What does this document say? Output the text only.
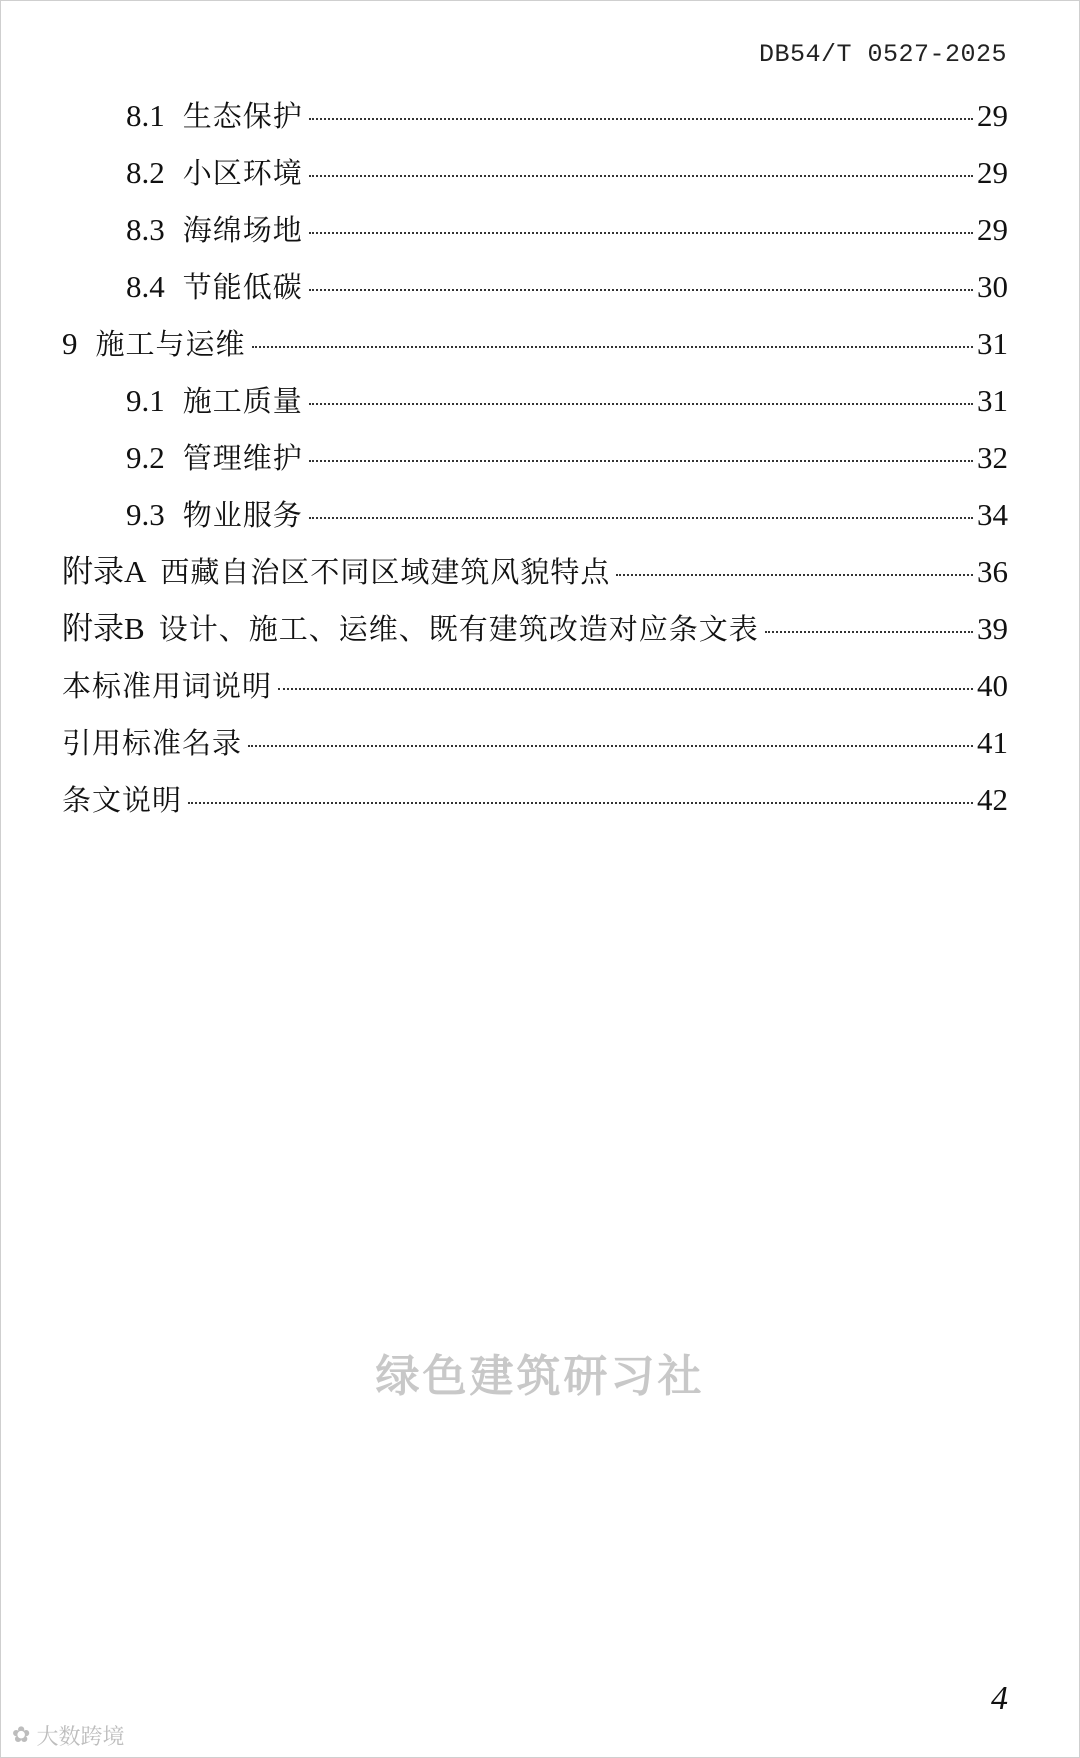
DB54/T 0527-2025
8.1 生态保护	29
8.2 小区环境	29
8.3 海绵场地	29
8.4 节能低碳	30
9 施工与运维	31
9.1 施工质量	31
9.2 管理维护	32
9.3 物业服务	34
附录A 西藏自治区不同区域建筑风貌特点	36
附录B 设计、施工、运维、既有建筑改造对应条文表	39
本标准用词说明	40
引用标准名录	41
条文说明	42
绿色建筑研习社
4
✿ 大数跨境
